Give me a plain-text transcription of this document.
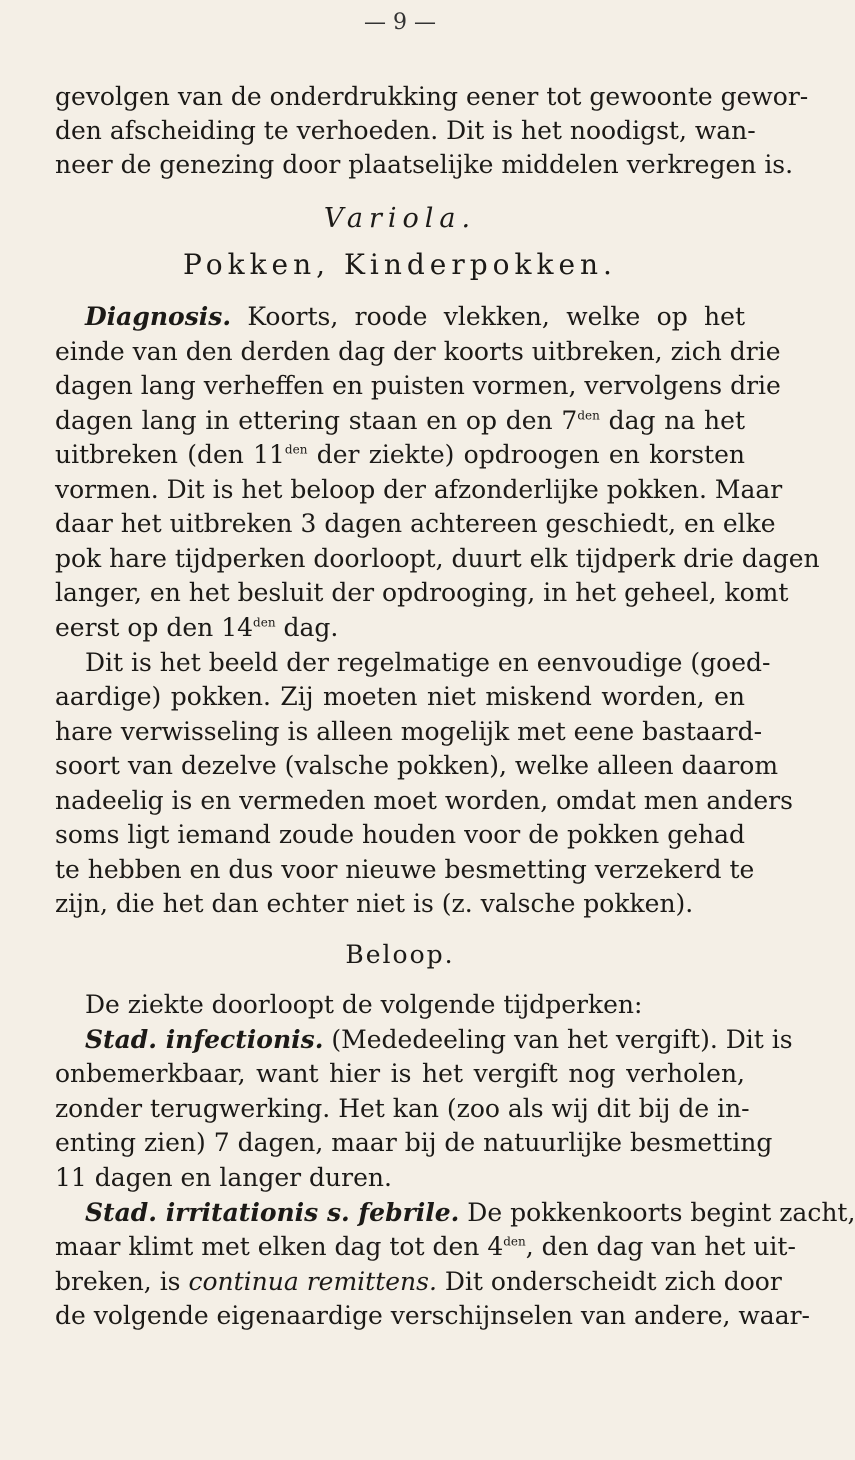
— 9 —
gevolgen van de onderdrukking eener tot gewoonte gewor-
den afscheiding te verhoeden. Dit is het noodigst, wan-
neer de genezing door plaatselijke middelen verkregen is.
Variola.
Pokken, Kinderpokken.
Diagnosis. Koorts, roode vlekken, welke op het
einde van den derden dag der koorts uitbreken, zich drie
dagen lang verheffen en puisten vormen, vervolgens drie
dagen lang in ettering staan en op den $7^{den}$ dag na het
uitbreken (den $11^{den}$ der ziekte) opdroogen en korsten
vormen. Dit is het beloop der afzonderlijke pokken. Maar
daar het uitbreken 3 dagen achtereen geschiedt, en elke
pok hare tijdperken doorloopt, duurt elk tijdperk drie dagen
langer, en het besluit der opdrooging, in het geheel, komt
eerst op den $14^{den}$ dag.
Dit is het beeld der regelmatige en eenvoudige (goed-
aardige) pokken. Zij moeten niet miskend worden, en
hare verwisseling is alleen mogelijk met eene bastaard-
soort van dezelve (valsche pokken), welke alleen daarom
nadeelig is en vermeden moet worden, omdat men anders
soms ligt iemand zoude houden voor de pokken gehad
te hebben en dus voor nieuwe besmetting verzekerd te
zijn, die het dan echter niet is (z. valsche pokken).
Beloop.
De ziekte doorloopt de volgende tijdperken:
Stad. infectionis. (Mededeeling van het vergift). Dit is
onbemerkbaar, want hier is het vergift nog verholen,
zonder terugwerking. Het kan (zoo als wij dit bij de in-
enting zien) 7 dagen, maar bij de natuurlijke besmetting
11 dagen en langer duren.
Stad. irritationis s. febrile. De pokkenkoorts begint zacht,
maar klimt met elken dag tot den $4^{den}$, den dag van het uit-
breken, is continua remittens. Dit onderscheidt zich door
de volgende eigenaardige verschijnselen van andere, waar-
